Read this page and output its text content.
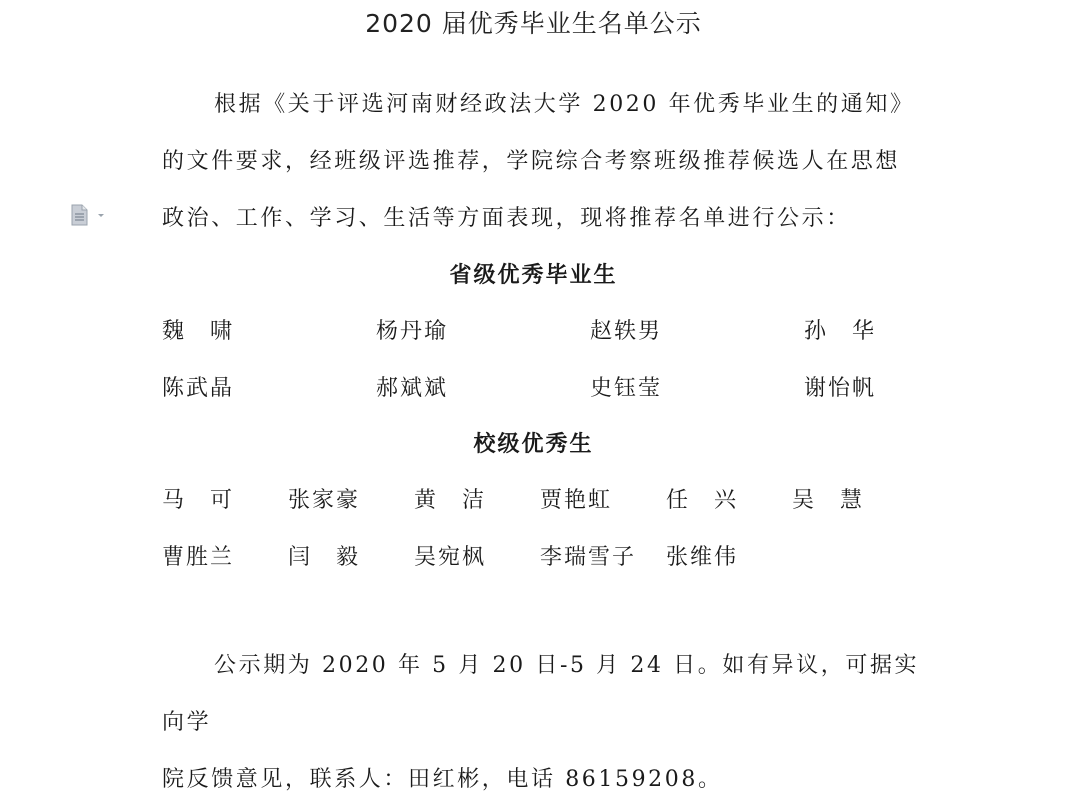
2020 届优秀毕业生名单公示

根据《关于评选河南财经政法大学 2020 年优秀毕业生的通知》
的文件要求，经班级评选推荐，学院综合考察班级推荐候选人在思想
政治、工作、学习、生活等方面表现，现将推荐名单进行公示：

省级优秀毕业生
魏　啸	杨丹瑜	赵轶男	孙　华
陈武晶	郝斌斌	史钰莹	谢怡帆
校级优秀生
马　可 张家豪 黄　洁 贾艳虹 任　兴 吴　慧
曹胜兰 闫　毅 吴宛枫 李瑞雪子 张维伟

公示期为 2020 年 5 月 20 日-5 月 24 日。如有异议，可据实向学
院反馈意见，联系人：田红彬，电话 86159208。
